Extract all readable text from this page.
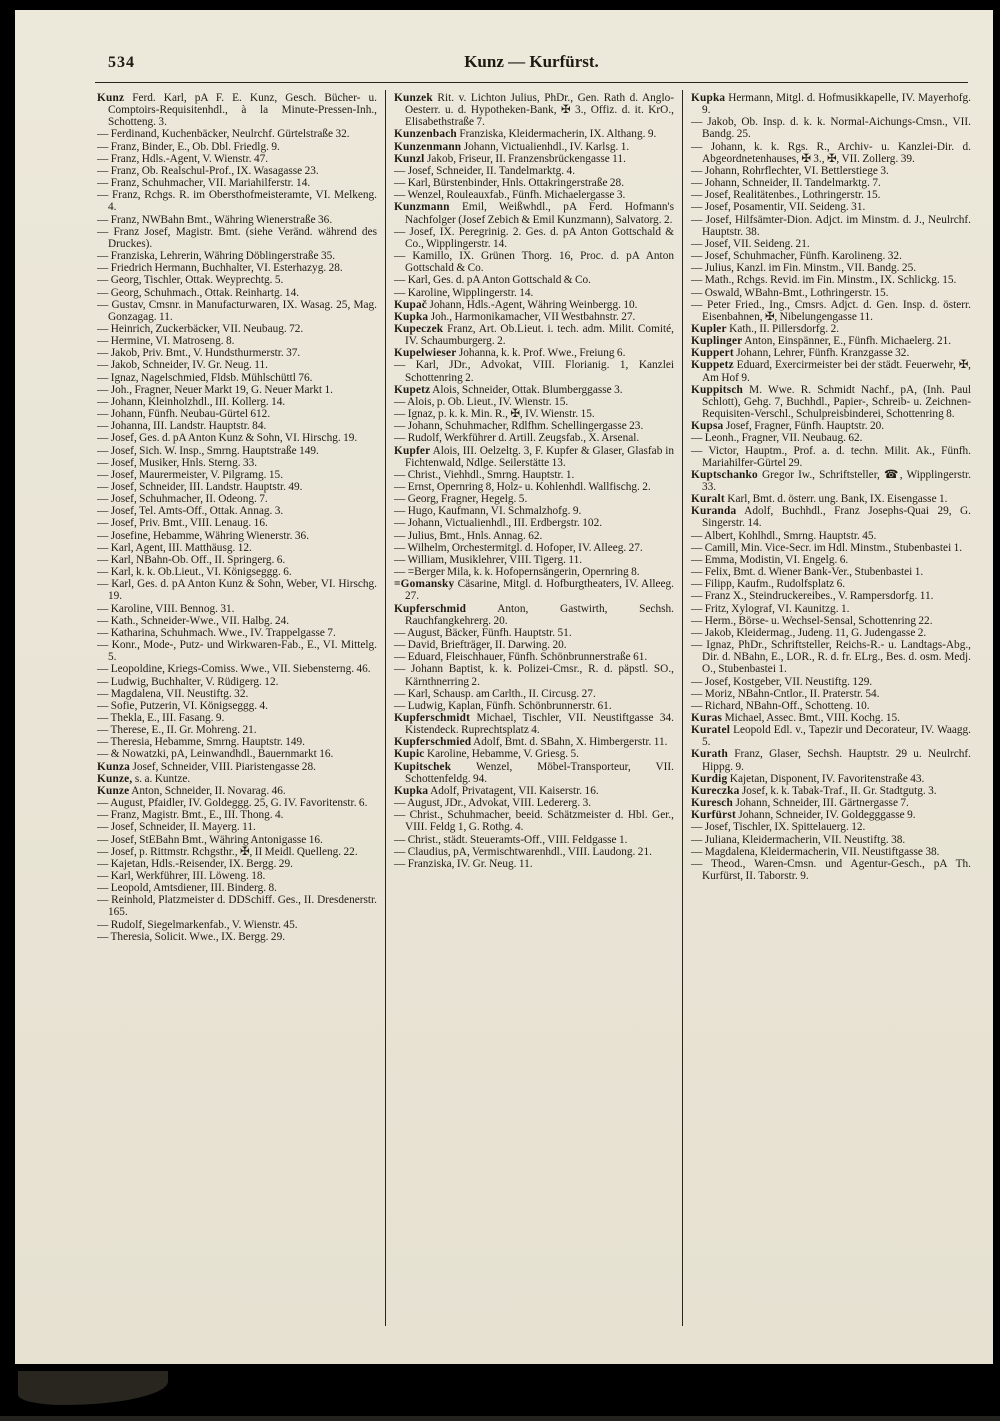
534	Kunz — Kurfürst.

Kunz Ferd. Karl, pA F. E. Kunz, Gesch. Bücher- u. Comptoirs-Requisitenhdl., à la Minute-Pressen-Inh., Schotteng. 3.

— Ferdinand, Kuchenbäcker, Neulrchf. Gürtelstraße 32.

— Franz, Binder, E., Ob. Dbl. Friedlg. 9.

— Franz, Hdls.-Agent, V. Wienstr. 47.

— Franz, Ob. Realschul-Prof., IX. Wasagasse 23.

— Franz, Schuhmacher, VII. Mariahilferstr. 14.

— Franz, Rchgs. R. im Obersthofmeisteramte, VI. Melkeng. 4.

— Franz, NWBahn Bmt., Währing Wienerstraße 36.

— Franz Josef, Magistr. Bmt. (siehe Veränd. während des Druckes).

— Franziska, Lehrerin, Währing Döblingerstraße 35.

— Friedrich Hermann, Buchhalter, VI. Esterhazyg. 28.

— Georg, Tischler, Ottak. Weyprechtg. 5.

— Georg, Schuhmach., Ottak. Reinhartg. 14.

— Gustav, Cmsnr. in Manufacturwaren, IX. Wasag. 25, Mag. Gonzagag. 11.

— Heinrich, Zuckerbäcker, VII. Neubaug. 72.

— Hermine, VI. Matroseng. 8.

— Jakob, Priv. Bmt., V. Hundsthurmerstr. 37.

— Jakob, Schneider, IV. Gr. Neug. 11.

— Ignaz, Nagelschmied, Fldsb. Mühlschüttl 76.

— Joh., Fragner, Neuer Markt 19, G. Neuer Markt 1.

— Johann, Kleinholzhdl., III. Kollerg. 14.

— Johann, Fünfh. Neubau-Gürtel 612.

— Johanna, III. Landstr. Hauptstr. 84.

— Josef, Ges. d. pA Anton Kunz & Sohn, VI. Hirschg. 19.

— Josef, Sich. W. Insp., Smrng. Hauptstraße 149.

— Josef, Musiker, Hnls. Sterng. 33.

— Josef, Maurermeister, V. Pilgramg. 15.

— Josef, Schneider, III. Landstr. Hauptstr. 49.

— Josef, Schuhmacher, II. Odeong. 7.

— Josef, Tel. Amts-Off., Ottak. Annag. 3.

— Josef, Priv. Bmt., VIII. Lenaug. 16.

— Josefine, Hebamme, Währing Wienerstr. 36.

— Karl, Agent, III. Matthäusg. 12.

— Karl, NBahn-Ob. Off., II. Springerg. 6.

— Karl, k. k. Ob.Lieut., VI. Königseggg. 6.

— Karl, Ges. d. pA Anton Kunz & Sohn, Weber, VI. Hirschg. 19.

— Karoline, VIII. Bennog. 31.

— Kath., Schneider-Wwe., VII. Halbg. 24.

— Katharina, Schuhmach. Wwe., IV. Trappelgasse 7.

— Konr., Mode-, Putz- und Wirkwaren-Fab., E., VI. Mittelg. 5.

— Leopoldine, Kriegs-Comiss. Wwe., VII. Siebensterng. 46.

— Ludwig, Buchhalter, V. Rüdigerg. 12.

— Magdalena, VII. Neustiftg. 32.

— Sofie, Putzerin, VI. Königseggg. 4.

— Thekla, E., III. Fasang. 9.

— Therese, E., II. Gr. Mohreng. 21.

— Theresia, Hebamme, Smrng. Hauptstr. 149.

— & Nowatzki, pA, Leinwandhdl., Bauernmarkt 16.

Kunza Josef, Schneider, VIII. Piaristengasse 28.

Kunze, s. a. Kuntze.

Kunze Anton, Schneider, II. Novarag. 46.

— August, Pfaidler, IV. Goldeggg. 25, G. IV. Favoritenstr. 6.

— Franz, Magistr. Bmt., E., III. Thong. 4.

— Josef, Schneider, II. Mayerg. 11.

— Josef, StEBahn Bmt., Währing Antonigasse 16.

— Josef, p. Rittmstr. Rchgsthr., ✠, II Meidl. Quelleng. 22.

— Kajetan, Hdls.-Reisender, IX. Bergg. 29.

— Karl, Werkführer, III. Löweng. 18.

— Leopold, Amtsdiener, III. Binderg. 8.

— Reinhold, Platzmeister d. DDSchiff. Ges., II. Dresdenerstr. 165.

— Rudolf, Siegelmarkenfab., V. Wienstr. 45.

— Theresia, Solicit. Wwe., IX. Bergg. 29.

Kunzek Rit. v. Lichton Julius, PhDr., Gen. Rath d. Anglo-Oesterr. u. d. Hypotheken-Bank, ✠ 3., Offiz. d. it. KrO., Elisabethstraße 7.

Kunzenbach Franziska, Kleidermacherin, IX. Althang. 9.

Kunzenmann Johann, Victualienhdl., IV. Karlsg. 1.

Kunzl Jakob, Friseur, II. Franzensbrückengasse 11.

— Josef, Schneider, II. Tandelmarktg. 4.

— Karl, Bürstenbinder, Hnls. Ottakringerstraße 28.

— Wenzel, Rouleauxfab., Fünfh. Michaelergasse 3.

Kunzmann Emil, Weißwhdl., pA Ferd. Hofmann's Nachfolger (Josef Zebich & Emil Kunzmann), Salvatorg. 2.

— Josef, IX. Peregrinig. 2. Ges. d. pA Anton Gottschald & Co., Wipplingerstr. 14.

— Kamillo, IX. Grünen Thorg. 16, Proc. d. pA Anton Gottschald & Co.

— Karl, Ges. d. pA Anton Gottschald & Co.

— Karoline, Wipplingerstr. 14.

Kupač Johann, Hdls.-Agent, Währing Weinbergg. 10.

Kupka Joh., Harmonikamacher, VII Westbahnstr. 27.

Kupeczek Franz, Art. Ob.Lieut. i. tech. adm. Milit. Comité, IV. Schaumburgerg. 2.

Kupelwieser Johanna, k. k. Prof. Wwe., Freiung 6.

— Karl, JDr., Advokat, VIII. Florianig. 1, Kanzlei Schottenring 2.

Kupetz Alois, Schneider, Ottak. Blumberggasse 3.

— Alois, p. Ob. Lieut., IV. Wienstr. 15.

— Ignaz, p. k. k. Min. R., ✠, IV. Wienstr. 15.

— Johann, Schuhmacher, Rdlfhm. Schellingergasse 23.

— Rudolf, Werkführer d. Artill. Zeugsfab., X. Arsenal.

Kupfer Alois, III. Oelzeltg. 3, F. Kupfer & Glaser, Glasfab in Fichtenwald, Ndlge. Seilerstätte 13.

— Christ., Viehhdl., Smrng. Hauptstr. 1.

— Ernst, Opernring 8, Holz- u. Kohlenhdl. Wallfischg. 2.

— Georg, Fragner, Hegelg. 5.

— Hugo, Kaufmann, VI. Schmalzhofg. 9.

— Johann, Victualienhdl., III. Erdbergstr. 102.

— Julius, Bmt., Hnls. Annag. 62.

— Wilhelm, Orchestermitgl. d. Hofoper, IV. Alleeg. 27.

— William, Musiklehrer, VIII. Tigerg. 11.

— =Berger Mila, k. k. Hofopernsängerin, Opernring 8.

=Gomansky Cäsarine, Mitgl. d. Hofburgtheaters, IV. Alleeg. 27.

Kupferschmid	Anton, Gastwirth, Sechsh. Rauchfangkehrerg. 20.

— August, Bäcker, Fünfh. Hauptstr. 51.

— David, Briefträger, II. Darwing. 20.

— Eduard, Fleischhauer, Fünfh. Schönbrunnerstraße 61.

— Johann Baptist, k. k. Polizei-Cmsr., R. d. päpstl. SO., Kärnthnerring 2.

— Karl, Schausp. am Carlth., II. Circusg. 27.

— Ludwig, Kaplan, Fünfh. Schönbrunnerstr. 61.

Kupferschmidt Michael, Tischler, VII. Neustiftgasse 34. Kistendeck. Ruprechtsplatz 4.

Kupferschmied Adolf, Bmt. d. SBahn, X. Himbergerstr. 11.

Kupic Karoline, Hebamme, V. Griesg. 5.

Kupitschek Wenzel, Möbel-Transporteur, VII. Schottenfeldg. 94.

Kupka Adolf, Privatagent, VII. Kaiserstr. 16.

— August, JDr., Advokat, VIII. Ledererg. 3.

— Christ., Schuhmacher, beeid. Schätzmeister d. Hbl. Ger., VIII. Feldg 1, G. Rothg. 4.

— Christ., städt. Steueramts-Off., VIII. Feldgasse 1.

— Claudius, pA, Vermischtwarenhdl., VIII. Laudong. 21.

— Franziska, IV. Gr. Neug. 11.

Kupka Hermann, Mitgl. d. Hofmusikkapelle, IV. Mayerhofg. 9.

— Jakob, Ob. Insp. d. k. k. Normal-Aichungs-Cmsn., VII. Bandg. 25.

— Johann, k. k. Rgs. R., Archiv- u. Kanzlei-Dir. d. Abgeordnetenhauses, ✠ 3., ✠, VII. Zollerg. 39.

— Johann, Rohrflechter, VI. Bettlerstiege 3.

— Johann, Schneider, II. Tandelmarktg. 7.

— Josef, Realitätenbes., Lothringerstr. 15.

— Josef, Posamentir, VII. Seideng. 31.

— Josef, Hilfsämter-Dion. Adjct. im Minstm. d. J., Neulrchf. Hauptstr. 38.

— Josef, VII. Seideng. 21.

— Josef, Schuhmacher, Fünfh. Karolineng. 32.

— Julius, Kanzl. im Fin. Minstm., VII. Bandg. 25.

— Math., Rchgs. Revid. im Fin. Minstm., IX. Schlickg. 15.

— Oswald, WBahn-Bmt., Lothringerstr. 15.

— Peter Fried., Ing., Cmsrs. Adjct. d. Gen. Insp. d. österr. Eisenbahnen, ✠, Nibelungengasse 11.

Kupler Kath., II. Pillersdorfg. 2.

Kuplinger Anton, Einspänner, E., Fünfh. Michaelerg. 21.

Kuppert Johann, Lehrer, Fünfh. Kranzgasse 32.

Kuppetz Eduard, Exercirmeister bei der städt. Feuerwehr, ✠, Am Hof 9.

Kuppitsch M. Wwe. R. Schmidt Nachf., pA, (Inh. Paul Schlott), Gehg. 7, Buchhdl., Papier-, Schreib- u. Zeichnen-Requisiten-Verschl., Schulpreisbinderei, Schottenring 8.

Kupsa Josef, Fragner, Fünfh. Hauptstr. 20.

— Leonh., Fragner, VII. Neubaug. 62.

— Victor, Hauptm., Prof. a. d. techn. Milit. Ak., Fünfh. Mariahilfer-Gürtel 29.

Kuptschanko Gregor Iw., Schriftsteller, ☎, Wipplingerstr. 33.

Kuralt Karl, Bmt. d. österr. ung. Bank, IX. Eisengasse 1.

Kuranda Adolf, Buchhdl., Franz Josephs-Quai 29, G. Singerstr. 14.

— Albert, Kohlhdl., Smrng. Hauptstr. 45.

— Camill, Min. Vice-Secr. im Hdl. Minstm., Stubenbastei 1.

— Emma, Modistin, VI. Engelg. 6.

— Felix, Bmt. d. Wiener Bank-Ver., Stubenbastei 1.

— Filipp, Kaufm., Rudolfsplatz 6.

— Franz X., Steindruckereibes., V. Rampersdorfg. 11.

— Fritz, Xylograf, VI. Kaunitzg. 1.

— Herm., Börse- u. Wechsel-Sensal, Schottenring 22.

— Jakob, Kleidermag., Judeng. 11, G. Judengasse 2.

— Ignaz, PhDr., Schriftsteller, Reichs-R.- u. Landtags-Abg., Dir. d. NBahn, E., LOR., R. d. fr. ELrg., Bes. d. osm. Medj. O., Stubenbastei 1.

— Josef, Kostgeber, VII. Neustiftg. 129.

— Moriz, NBahn-Cntlor., II. Praterstr. 54.

— Richard, NBahn-Off., Schotteng. 10.

Kuras Michael, Assec. Bmt., VIII. Kochg. 15.

Kuratel Leopold Edl. v., Tapezir und Decorateur, IV. Waagg. 5.

Kurath Franz, Glaser, Sechsh. Hauptstr. 29 u. Neulrchf. Hippg. 9.

Kurdig Kajetan, Disponent, IV. Favoritenstraße 43.

Kureczka Josef, k. k. Tabak-Traf., II. Gr. Stadtgutg. 3.

Kuresch Johann, Schneider, III. Gärtnergasse 7.

Kurfürst Johann, Schneider, IV. Goldegggasse 9.

— Josef, Tischler, IX. Spittelauerg. 12.

— Juliana, Kleidermacherin, VII. Neustiftg. 38.

— Magdalena, Kleidermacherin, VII. Neustiftgasse 38.

— Theod., Waren-Cmsn. und Agentur-Gesch., pA Th. Kurfürst, II. Taborstr. 9.
